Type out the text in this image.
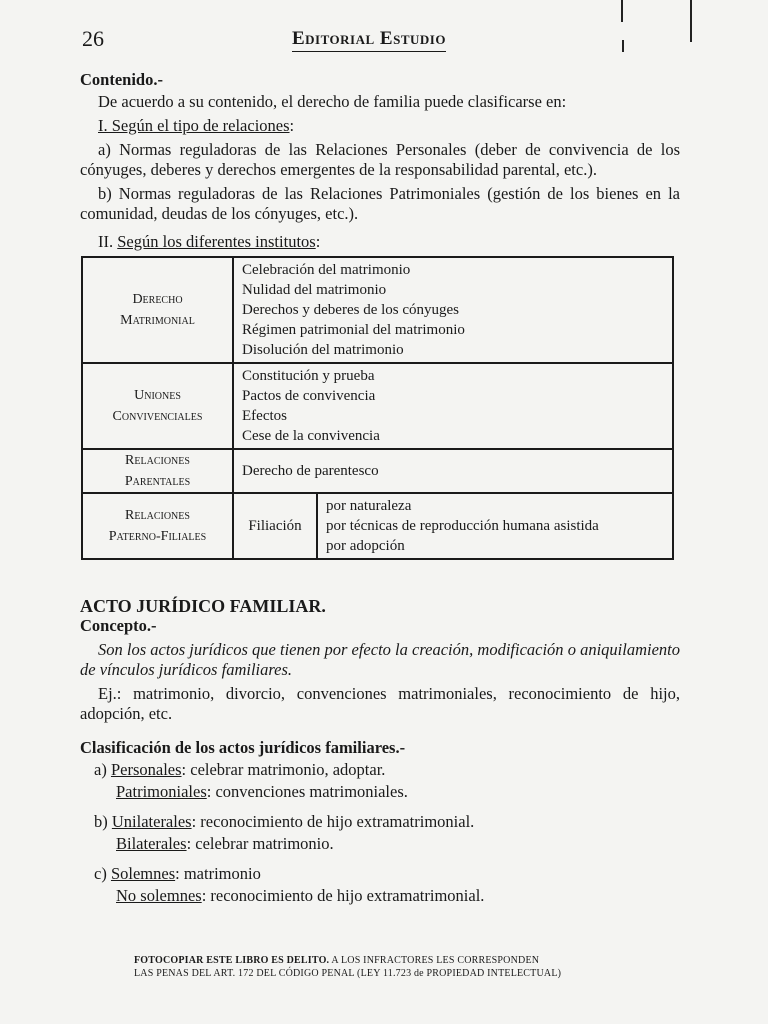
26	Editorial Estudio

Contenido.-

De acuerdo a su contenido, el derecho de familia puede clasificarse en:

I. Según el tipo de relaciones:

a) Normas reguladoras de las Relaciones Personales (deber de convivencia de los cónyuges, deberes y derechos emergentes de la responsabilidad parental, etc.).

b) Normas reguladoras de las Relaciones Patrimoniales (gestión de los bienes en la comunidad, deudas de los cónyuges, etc.).

II. Según los diferentes institutos:

Derecho
Matrimonial	Celebración del matrimonio
Nulidad del matrimonio
Derechos y deberes de los cónyuges
Régimen patrimonial del matrimonio
Disolución del matrimonio	

Uniones
Convivenciales	Constitución y prueba
Pactos de convivencia
Efectos
Cese de la convivencia	

Relaciones
Parentales	Derecho de parentesco	

Relaciones
Paterno-Filiales	Filiación	por naturaleza
por técnicas de reproducción humana asistida
por adopción

ACTO JURÍDICO FAMILIAR.

Concepto.-

Son los actos jurídicos que tienen por efecto la creación, modificación o aniquilamiento de vínculos jurídicos familiares.

Ej.: matrimonio, divorcio, convenciones matrimoniales, reconocimiento de hijo, adopción, etc.

Clasificación de los actos jurídicos familiares.-

a) Personales: celebrar matrimonio, adoptar.

Patrimoniales: convenciones matrimoniales.

b) Unilaterales: reconocimiento de hijo extramatrimonial.

Bilaterales: celebrar matrimonio.

c) Solemnes: matrimonio

No solemnes: reconocimiento de hijo extramatrimonial.

FOTOCOPIAR ESTE LIBRO ES DELITO. A LOS INFRACTORES LES CORRESPONDEN
LAS PENAS DEL ART. 172 DEL CÓDIGO PENAL (LEY 11.723 de PROPIEDAD INTELECTUAL)
